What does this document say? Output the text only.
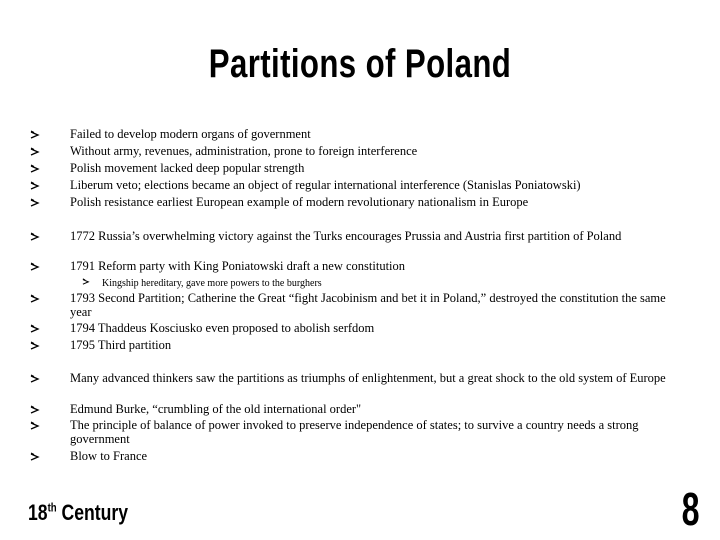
Partitions of Poland
Failed to develop modern organs of government
Without army, revenues, administration, prone to foreign interference
Polish movement lacked deep popular strength
Liberum veto; elections became an object of regular international interference (Stanislas Poniatowski)
Polish resistance earliest European example of modern revolutionary nationalism in Europe
1772 Russia’s overwhelming victory against the Turks encourages Prussia and Austria first partition of Poland
1791 Reform party with King Poniatowski draft a new constitution
Kingship hereditary, gave more powers to the burghers
1793 Second Partition; Catherine the Great “fight Jacobinism and bet it in Poland,” destroyed the constitution the same year
1794 Thaddeus Kosciusko even proposed to abolish serfdom
1795 Third partition
Many advanced thinkers saw the partitions as triumphs of enlightenment, but a great shock to the old system of Europe
Edmund Burke, “crumbling of the old international order"
The principle of balance of power invoked to preserve independence of states; to survive a country needs a strong government
Blow to France
18th Century	8
